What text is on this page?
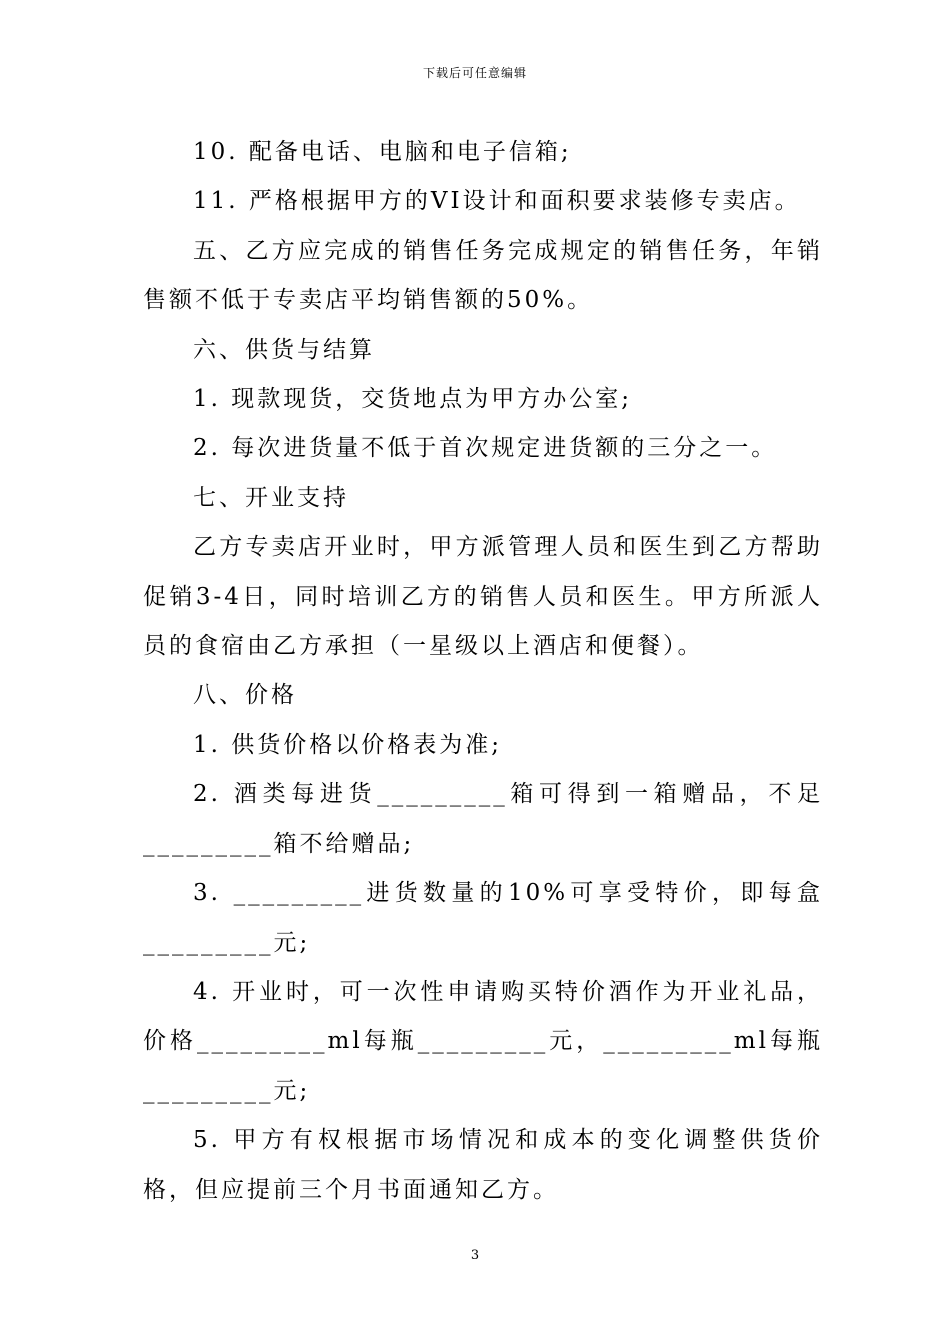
下载后可任意编辑

10. 配备电话、电脑和电子信箱;

11. 严格根据甲方的VI设计和面积要求装修专卖店。

五、乙方应完成的销售任务完成规定的销售任务，年销售额不低于专卖店平均销售额的50%。

六、供货与结算

1. 现款现货，交货地点为甲方办公室;

2. 每次进货量不低于首次规定进货额的三分之一。

七、开业支持

乙方专卖店开业时，甲方派管理人员和医生到乙方帮助促销3-4日，同时培训乙方的销售人员和医生。甲方所派人员的食宿由乙方承担（一星级以上酒店和便餐）。

八、价格

1. 供货价格以价格表为准;

2. 酒类每进货_________箱可得到一箱赠品，不足_________箱不给赠品;

3. _________进货数量的10%可享受特价，即每盒_________元;

4. 开业时，可一次性申请购买特价酒作为开业礼品，价格_________ml每瓶_________元，_________ml每瓶_________元;

5. 甲方有权根据市场情况和成本的变化调整供货价格，但应提前三个月书面通知乙方。

3
